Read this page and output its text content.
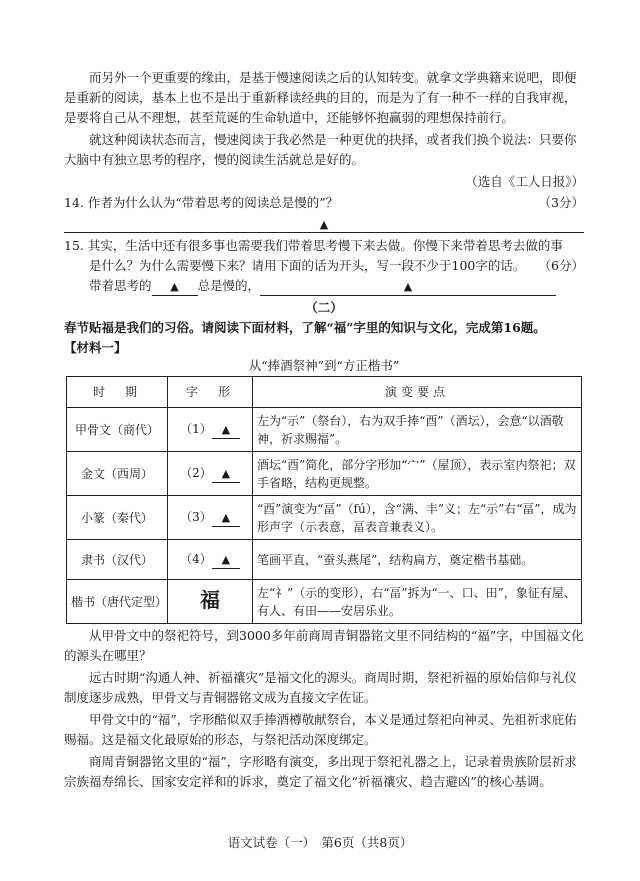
而另外一个更重要的缘由，是基于慢速阅读之后的认知转变。就拿文学典籍来说吧，即便是重新的阅读，基本上也不是出于重新释读经典的目的，而是为了有一种不一样的自我审视，是要将自己从不理想，甚至荒诞的生命轨道中，还能够怀抱赢弱的理想保持前行。

就这种阅读状态而言，慢速阅读于我必然是一种更优的抉择，或者我们换个说法：只要你大脑中有独立思考的程序，慢的阅读生活就总是好的。

（选自《工人日报》）

14. 作者为什么认为“带着思考的阅读总是慢的”？	（3分）
▲

15. 其实，生活中还有很多事也需要我们带着思考慢下来去做。你慢下来带着思考去做的事

是什么？为什么需要慢下来？请用下面的话为开头，写一段不少于100字的话。 （6分）
带着思考的 ▲ 总是慢的，	▲

（二）

春节贴福是我们的习俗。请阅读下面材料，了解“福”字里的知识与文化，完成第16题。

【材料一】

从“捧酒祭神”到“方正楷书”

时　期	字　形	演变要点
甲骨文（商代）	（1） ▲	左为“示”（祭台），右为双手捧“酉”（酒坛），会意“以酒敬神，祈求赐福”。
金文（西周）	（2） ▲	酒坛“酉”简化，部分字形加“宀”（屋顶），表示室内祭祀；双手省略，结构更规整。
小篆（秦代）	（3） ▲	“酉”演变为“畐”（fú），含“满、丰”义；左“示”右“畐”，成为形声字（示表意，畐表音兼表义）。
隶书（汉代）	（4） ▲	笔画平直，“蚕头燕尾”，结构扁方，奠定楷书基础。
楷书（唐代定型）	福	左“礻”（示的变形），右“畐”拆为“一、口、田”，象征有屋、有人、有田——安居乐业。

从甲骨文中的祭祀符号，到3000多年前商周青铜器铭文里不同结构的“福”字，中国福文化的源头在哪里？

远古时期“沟通人神、祈福禳灾”是福文化的源头。商周时期，祭祀祈福的原始信仰与礼仪制度逐步成熟，甲骨文与青铜器铭文成为直接文字佐证。

甲骨文中的“福”，字形酷似双手捧酒樽敬献祭台，本义是通过祭祀向神灵、先祖祈求庇佑赐福。这是福文化最原始的形态，与祭祀活动深度绑定。

商周青铜器铭文里的“福”，字形略有演变，多出现于祭祀礼器之上，记录着贵族阶层祈求宗族福寿绵长、国家安定祥和的诉求，奠定了福文化“祈福禳灾、趋吉避凶”的核心基调。

语文试卷（一）　第6页（共8页）
